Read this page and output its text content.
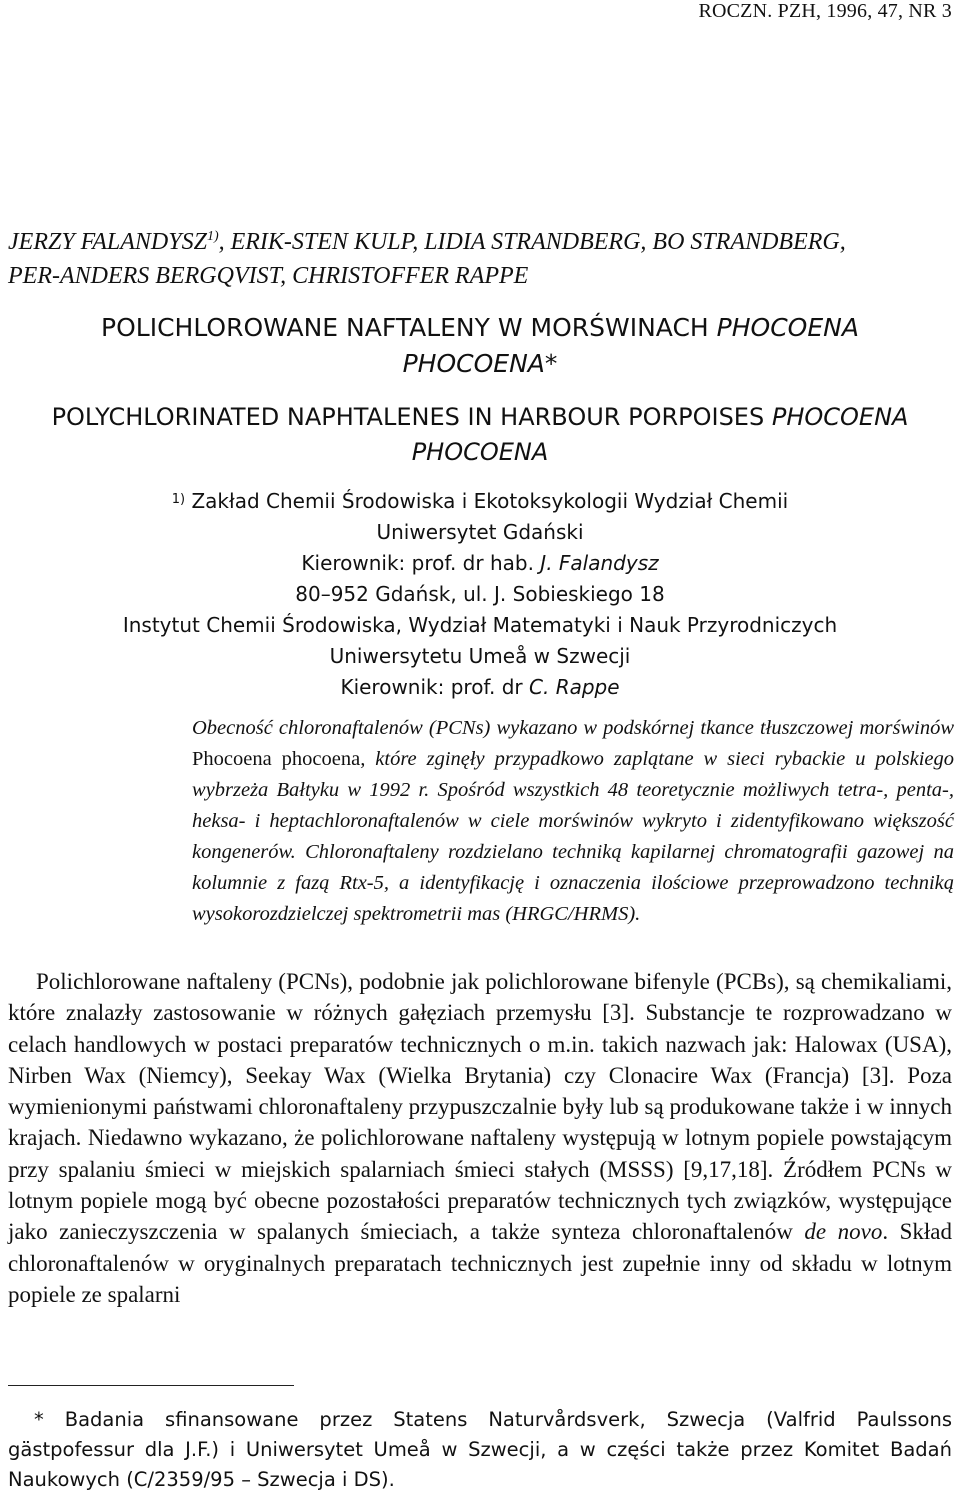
ROCZN. PZH, 1996, 47, NR 3
JERZY FALANDYSZ$^{1)}$, ERIK-STEN KULP, LIDIA STRANDBERG, BO STRANDBERG,
PER-ANDERS BERGQVIST, CHRISTOFFER RAPPE
POLICHLOROWANE NAFTALENY W MORŚWINACH PHOCOENA
PHOCOENA*
POLYCHLORINATED NAPHTALENES IN HARBOUR PORPOISES PHOCOENA
PHOCOENA
$^{1)}$ Zakład Chemii Środowiska i Ekotoksykologii Wydział Chemii
Uniwersytet Gdański
Kierownik: prof. dr hab. J. Falandysz
80–952 Gdańsk, ul. J. Sobieskiego 18
Instytut Chemii Środowiska, Wydział Matematyki i Nauk Przyrodniczych
Uniwersytetu Umeå w Szwecji
Kierownik: prof. dr C. Rappe
Obecność chloronaftalenów (PCNs) wykazano w podskórnej tkance tłuszczowej morświnów Phocoena phocoena, które zginęły przypadkowo zaplątane w sieci rybackie u polskiego wybrzeża Bałtyku w 1992 r. Spośród wszystkich 48 teoretycznie możliwych tetra-, penta-, heksa- i heptachloronaftalenów w ciele morświnów wykryto i zidentyfikowano większość kongenerów. Chloronaftaleny rozdzielano techniką kapilarnej chromatografii gazowej na kolumnie z fazą Rtx-5, a identyfikację i oznaczenia ilościowe przeprowadzono techniką wysokorozdzielczej spektrometrii mas (HRGC/HRMS).

Polichlorowane naftaleny (PCNs), podobnie jak polichlorowane bifenyle (PCBs), są chemikaliami, które znalazły zastosowanie w różnych gałęziach przemysłu [3]. Substancje te rozprowadzano w celach handlowych w postaci preparatów technicznych o m.in. takich nazwach jak: Halowax (USA), Nirben Wax (Niemcy), Seekay Wax (Wielka Brytania) czy Clonacire Wax (Francja) [3]. Poza wymienionymi państwami chloronaftaleny przypuszczalnie były lub są produkowane także i w innych krajach. Niedawno wykazano, że polichlorowane naftaleny występują w lotnym popiele powstającym przy spalaniu śmieci w miejskich spalarniach śmieci stałych (MSSS) [9,17,18]. Źródłem PCNs w lotnym popiele mogą być obecne pozostałości preparatów technicznych tych związków, występujące jako zanieczyszczenia w spalanych śmieciach, a także synteza chloronaftalenów de novo. Skład chloronaftalenów w oryginalnych preparatach technicznych jest zupełnie inny od składu w lotnym popiele ze spalarni

* Badania sfinansowane przez Statens Naturvårdsverk, Szwecja (Valfrid Paulssons gästpofessur dla J.F.) i Uniwersytet Umeå w Szwecji, a w części także przez Komitet Badań Naukowych (C/2359/95 – Szwecja i DS).
